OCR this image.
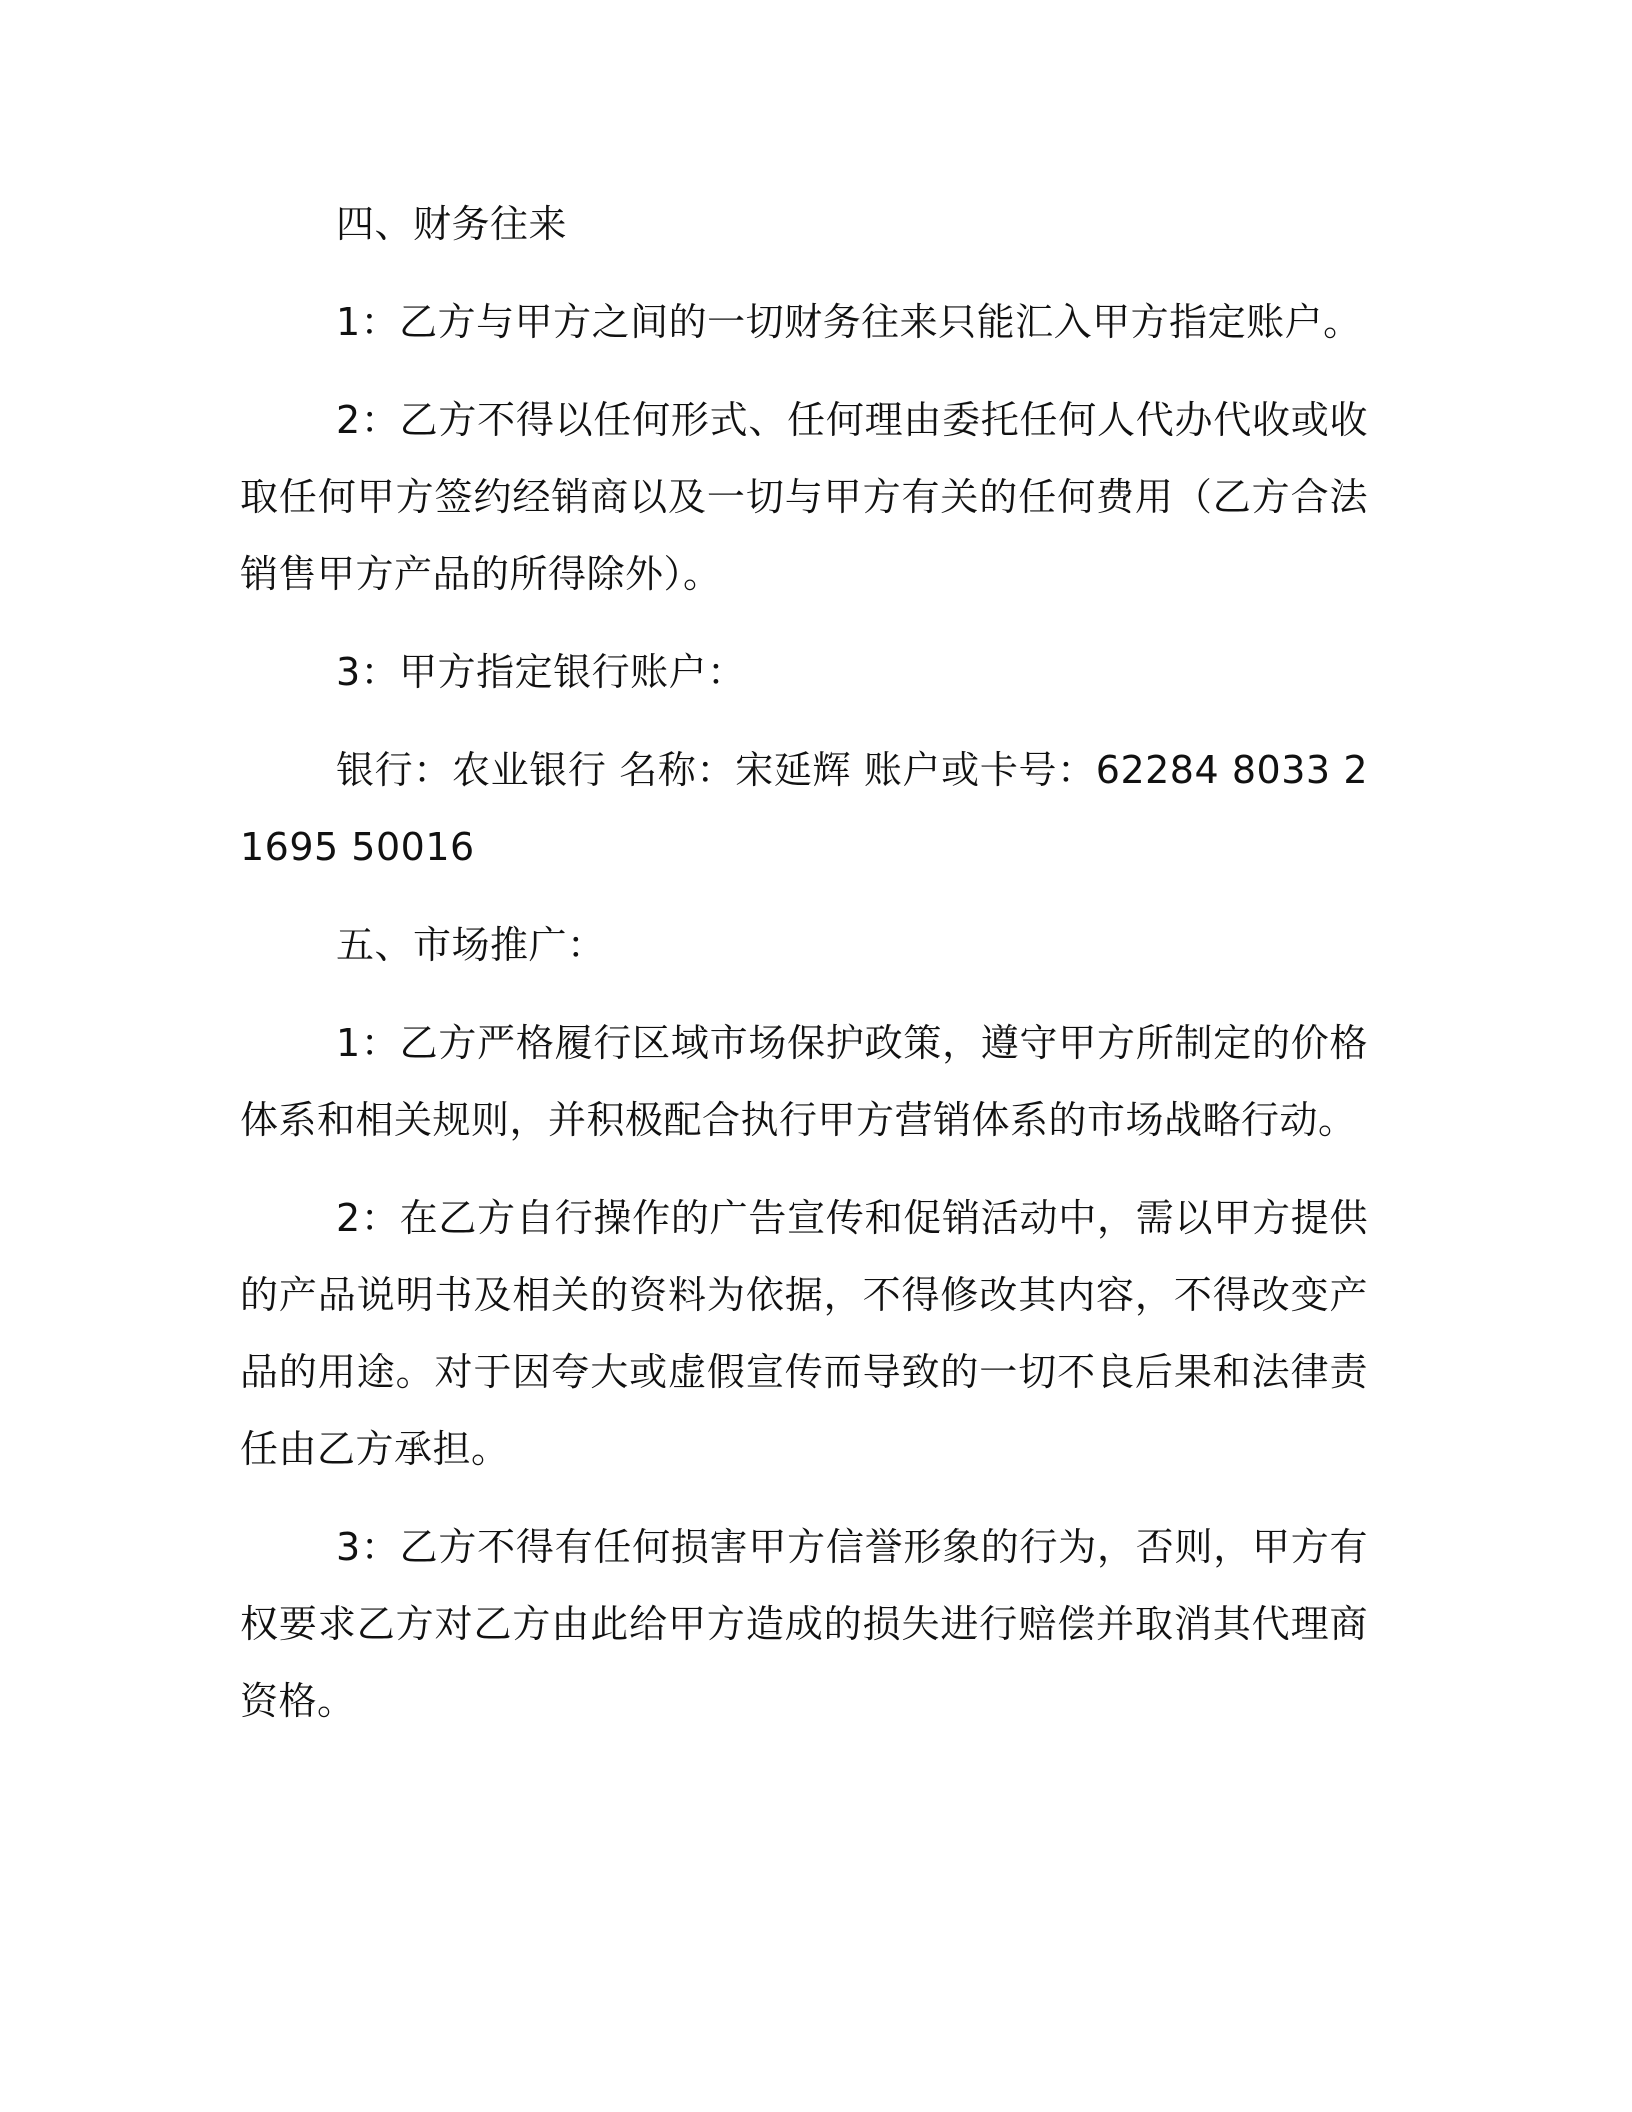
四、财务往来

1：乙方与甲方之间的一切财务往来只能汇入甲方指定账户。

2：乙方不得以任何形式、任何理由委托任何人代办代收或收取任何甲方签约经销商以及一切与甲方有关的任何费用（乙方合法销售甲方产品的所得除外）。

3：甲方指定银行账户：

银行：农业银行 名称：宋延辉 账户或卡号：62284 8033 21695 50016

五、市场推广：

1：乙方严格履行区域市场保护政策，遵守甲方所制定的价格体系和相关规则，并积极配合执行甲方营销体系的市场战略行动。

2：在乙方自行操作的广告宣传和促销活动中，需以甲方提供的产品说明书及相关的资料为依据，不得修改其内容，不得改变产品的用途。对于因夸大或虚假宣传而导致的一切不良后果和法律责任由乙方承担。

3：乙方不得有任何损害甲方信誉形象的行为，否则，甲方有权要求乙方对乙方由此给甲方造成的损失进行赔偿并取消其代理商资格。
